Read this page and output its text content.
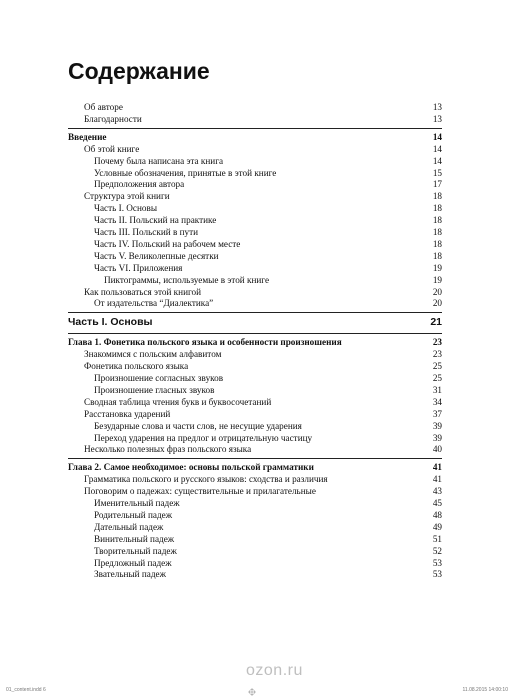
Содержание
Об авторе	13
Благодарности	13
Введение	14
Об этой книге	14
Почему была написана эта книга	14
Условные обозначения, принятые в этой книге	15
Предположения автора	17
Структура этой книги	18
Часть I. Основы	18
Часть II. Польский на практике	18
Часть III. Польский в пути	18
Часть IV. Польский на рабочем месте	18
Часть V. Великолепные десятки	18
Часть VI. Приложения	19
Пиктограммы, используемые в этой книге	19
Как пользоваться этой книгой	20
От издательства “Диалектика”	20
Часть I. Основы	21
Глава 1. Фонетика польского языка и особенности произношения	23
Знакомимся с польским алфавитом	23
Фонетика польского языка	25
Произношение согласных звуков	25
Произношение гласных звуков	31
Сводная таблица чтения букв и буквосочетаний	34
Расстановка ударений	37
Безударные слова и части слов, не несущие ударения	39
Переход ударения на предлог и отрицательную частицу	39
Несколько полезных фраз польского языка	40
Глава 2. Самое необходимое: основы польской грамматики	41
Грамматика польского и русского языков: сходства и различия	41
Поговорим о падежах: существительные и прилагательные	43
Именительный падеж	45
Родительный падеж	48
Дательный падеж	49
Винительный падеж	51
Творительный падеж	52
Предложный падеж	53
Звательный падеж	53
ozon.ru
01_content.indd 6	11.08.2015 14:00:10
